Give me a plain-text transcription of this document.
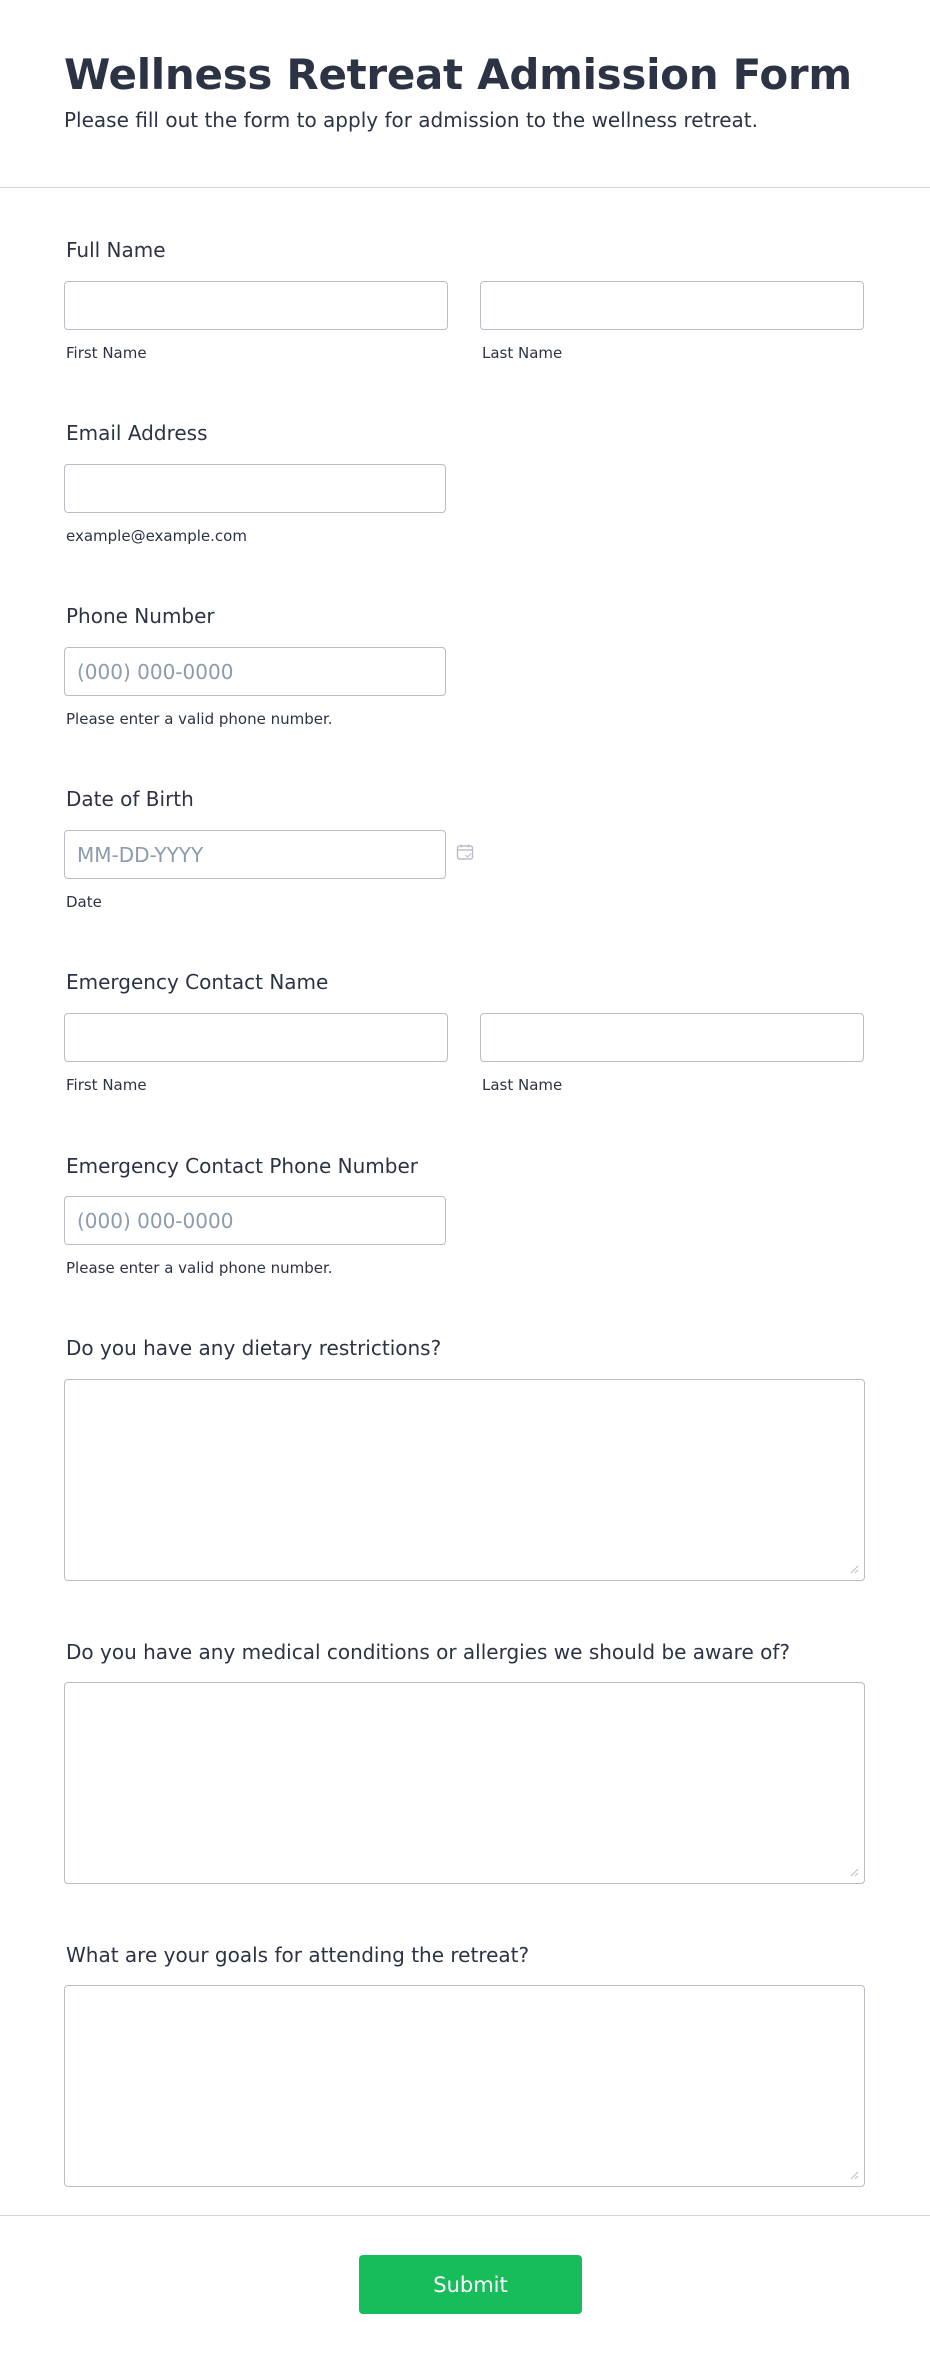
Wellness Retreat Admission Form
Please fill out the form to apply for admission to the wellness retreat.
Full Name
First Name	Last Name
Email Address
example@example.com
Phone Number
(000) 000-0000
Please enter a valid phone number.
Date of Birth
MM-DD-YYYY
Date
Emergency Contact Name
First Name	Last Name
Emergency Contact Phone Number
(000) 000-0000
Please enter a valid phone number.
Do you have any dietary restrictions?
Do you have any medical conditions or allergies we should be aware of?
What are your goals for attending the retreat?
Submit
